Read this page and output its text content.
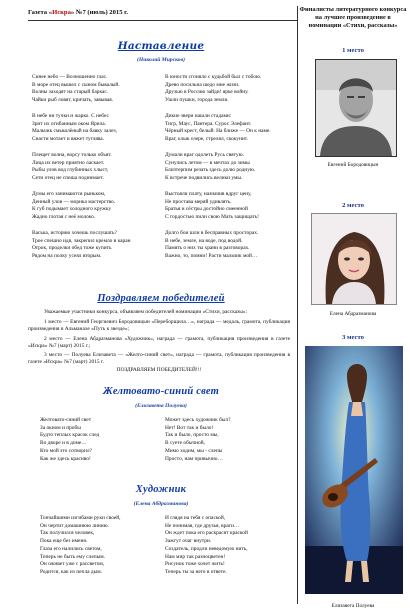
Газета «Искра» №7 (июль) 2015 г.
Наставление
(Николай Мирсков)
Синее небо — Возношенно глас.
В море отец вышел с сыном бывалый.
Волны заходят на старый баркас.
Чайки рыб ловят, кричать, завывая.
В небе ни тучки и жарко. С небес
Зрит их огибанным оком Ярила.
Мальчик смышлёный на бавку залез,
Снасти мотает и вяжет туглява.
Плещет волна, ворсу только объят.
Лица их ветер приятно ласкает.
Рыбы улов вод глубинных хлыст,
Сети отец не спеша поднимает.
Думы его занимаются рыньком,
Денный улов — морика мастерство.
К губ подымает холодного кружку
Жадно глотая с неё молоко.
Васька, историю хочешь послушать?
Трое спешно идя, закрепил кремло в каран
Огрок, проделки обед тоже купить
Рядом на полку усеял вторым.
В юности сгоняло с кудьбой был с тобою.
Древо посильна шедо мне жизн.
Друзью в Россию зайди! ярке войну.
Ушли пушки, города земли.
Дикие звери нашли стадами:
Тигр, Маус, Пантера. Сурос Элефант.
Чёрный крест, белый. На ближе — Он к наме.
Враг, клык озере, стрелял, скокунит.
Думали враг одолеть Русь святую.
Сунулись летом — в мечтах до зимы
Близтерпим резать здесь долю родную.
К встрече подвились велики умы.
Выстояли плату, назначив вдруг цену,
Не простава меряй удивлять.
Братья и сёстры достойно смеенной
С гордостью пили свою Мать защищать!
Долго бои шли в бесправных просторах.
В небе, земле, на воде, под водой.
Память о них ты храни в разговорах.
Важно, то, помни! Расти мальчик мой…
Поздравляем победителей
Уважаемые участники конкурса, объявляем победителей номинации «Стихи, рассказы»:
1 место — Евгений Георгиевич Бородовицын «Переборщила…», награда — медаль, грамота, публикация произведения в Альманахе «Путь к звезде»;
2 место — Елена Абдразманова «Художник», награда — грамота, публикация произведения в газете «Искра» №7 (март) 2015 г.;
3 место — Полуева Елизавета — «Желто-синий свет», награда — грамота, публикация произведения в газете «Искра» №7 (март) 2015 г.
ПОЗДРАВЛЯЕМ ПОБЕДИТЕЛЕЙ!!!
Желтовато-синий свет
(Елизавета Полуева)
Желтовато-синий свет
За окном и пробы
Будто теплых красок след
Во дворе и в доме…
Кто мой это сотворил?
Как же здесь красиво!
Может здесь художник был?
Нет! Вот так и было!
Так и было, просто мы,
В суете обычной,
Мимо ходим, мы - слепы
Просто, нам привычно…
Художник
(Елена Абдразманова)
Тончайшими изгибами руки своей,
Он чертит домашнюю линию.
Так получился человек,
Пока еще без имени.
Глаза его налились светом,
Теперь не быть ему слепым.
Он оживет уже с рассветом,
Родится, как из пепла дым.
И глядя на тебя с опаской,
Не понимая, где друзья, враги…
Он ждет пока его раскрасят краской
Зажгут очаг внутри.
Создатель, продли неведомую нить,
Нам мир так разноцветен!
Рисунок тоже хочет жить!
Теперь ты за него в ответе.
Финалисты литературного конкурса на лучшее произведение в номинации «Стихи, рассказы»
1 место
Евгений Бородовицын
2 место
Елена Абдразманова
3 место
Елизавета Полуева
